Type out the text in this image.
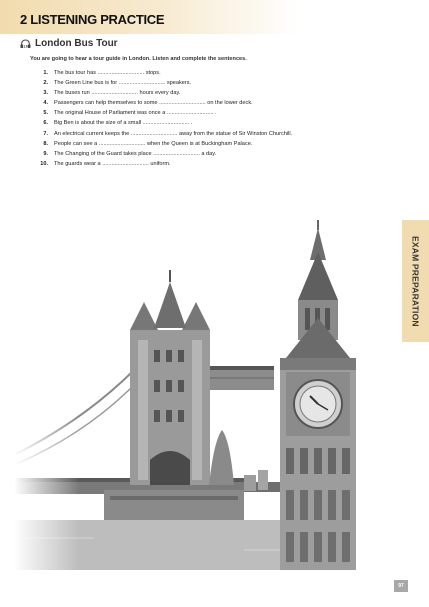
2 LISTENING PRACTICE
1.6 London Bus Tour
You are going to hear a tour guide in London. Listen and complete the sentences.
1. The bus tour has .............................. stops.
2. The Green Line bus is for .............................. speakers.
3. The buses run .............................. hours every day.
4. Passengers can help themselves to some .............................. on the lower deck.
5. The original House of Parliament was once a .............................. .
6. Big Ben is about the size of a small .............................. .
7. An electrical current keeps the .............................. away from the statue of Sir Winston Churchill.
8. People can see a .............................. when the Queen is at Buckingham Palace.
9. The Changing of the Guard takes place .............................. a day.
10. The guards wear a .............................. uniform.
EXAM PREPARATION
97
